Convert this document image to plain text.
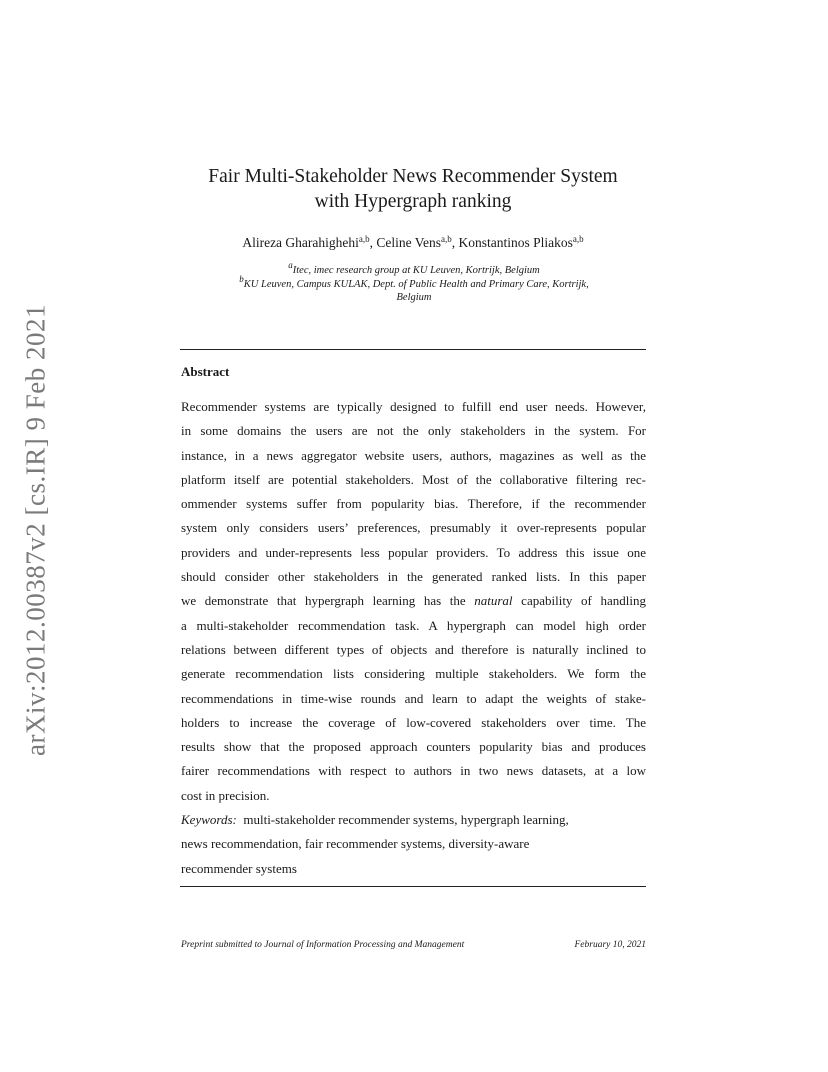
arXiv:2012.00387v2 [cs.IR] 9 Feb 2021
Fair Multi-Stakeholder News Recommender System
with Hypergraph ranking
Alireza Gharahighehi$^{a,b}$, Celine Vens$^{a,b}$, Konstantinos Pliakos$^{a,b}$
$^a$Itec, imec research group at KU Leuven, Kortrijk, Belgium
$^b$KU Leuven, Campus KULAK, Dept. of Public Health and Primary Care, Kortrijk,
Belgium
Abstract
Recommender systems are typically designed to fulfill end user needs. However,
in some domains the users are not the only stakeholders in the system. For
instance, in a news aggregator website users, authors, magazines as well as the
platform itself are potential stakeholders. Most of the collaborative filtering rec-
ommender systems suffer from popularity bias. Therefore, if the recommender
system only considers users’ preferences, presumably it over-represents popular
providers and under-represents less popular providers. To address this issue one
should consider other stakeholders in the generated ranked lists. In this paper
we demonstrate that hypergraph learning has the natural capability of handling
a multi-stakeholder recommendation task. A hypergraph can model high order
relations between different types of objects and therefore is naturally inclined to
generate recommendation lists considering multiple stakeholders. We form the
recommendations in time-wise rounds and learn to adapt the weights of stake-
holders to increase the coverage of low-covered stakeholders over time. The
results show that the proposed approach counters popularity bias and produces
fairer recommendations with respect to authors in two news datasets, at a low
cost in precision.
Keywords: multi-stakeholder recommender systems, hypergraph learning,
news recommendation, fair recommender systems, diversity-aware
recommender systems
Preprint submitted to Journal of Information Processing and Management	February 10, 2021
